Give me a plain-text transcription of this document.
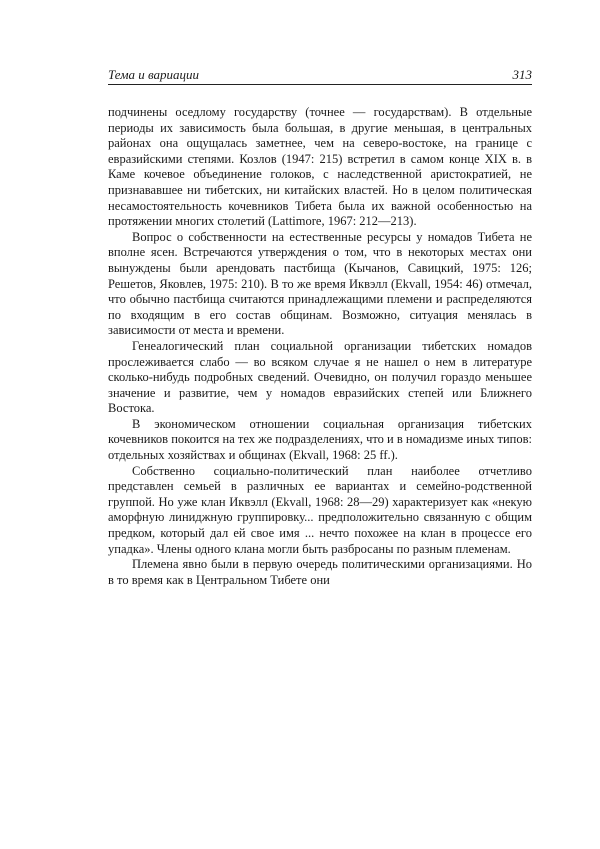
Тема и вариации	313

подчинены оседлому государству (точнее — государствам). В отдельные периоды их зависимость была большая, в другие меньшая, в центральных районах она ощущалась заметнее, чем на северо-востоке, на границе с евразийскими степями. Козлов (1947: 215) встретил в самом конце XIX в. в Каме кочевое объединение голоков, с наследственной аристократией, не признававшее ни тибетских, ни китайских властей. Но в целом политическая несамостоятельность кочевников Тибета была их важной особенностью на протяжении многих столетий (Lattimore, 1967: 212—213).

Вопрос о собственности на естественные ресурсы у номадов Тибета не вполне ясен. Встречаются утверждения о том, что в некоторых местах они вынуждены были арендовать пастбища (Кычанов, Савицкий, 1975: 126; Решетов, Яковлев, 1975: 210). В то же время Иквэлл (Ekvall, 1954: 46) отмечал, что обычно пастбища считаются принадлежащими племени и распределяются по входящим в его состав общинам. Возможно, ситуация менялась в зависимости от места и времени.

Генеалогический план социальной организации тибетских номадов прослеживается слабо — во всяком случае я не нашел о нем в литературе сколько-нибудь подробных сведений. Очевидно, он получил гораздо меньшее значение и развитие, чем у номадов евразийских степей или Ближнего Востока.

В экономическом отношении социальная организация тибетских кочевников покоится на тех же подразделениях, что и в номадизме иных типов: отдельных хозяйствах и общинах (Ekvall, 1968: 25 ff.).

Собственно социально-политический план наиболее отчетливо представлен семьей в различных ее вариантах и семейно-родственной группой. Но уже клан Иквэлл (Ekvall, 1968: 28—29) характеризует как «некую аморфную линиджную группировку... предположительно связанную с общим предком, который дал ей свое имя ... нечто похожее на клан в процессе его упадка». Члены одного клана могли быть разбросаны по разным племенам.

Племена явно были в первую очередь политическими организациями. Но в то время как в Центральном Тибете они
